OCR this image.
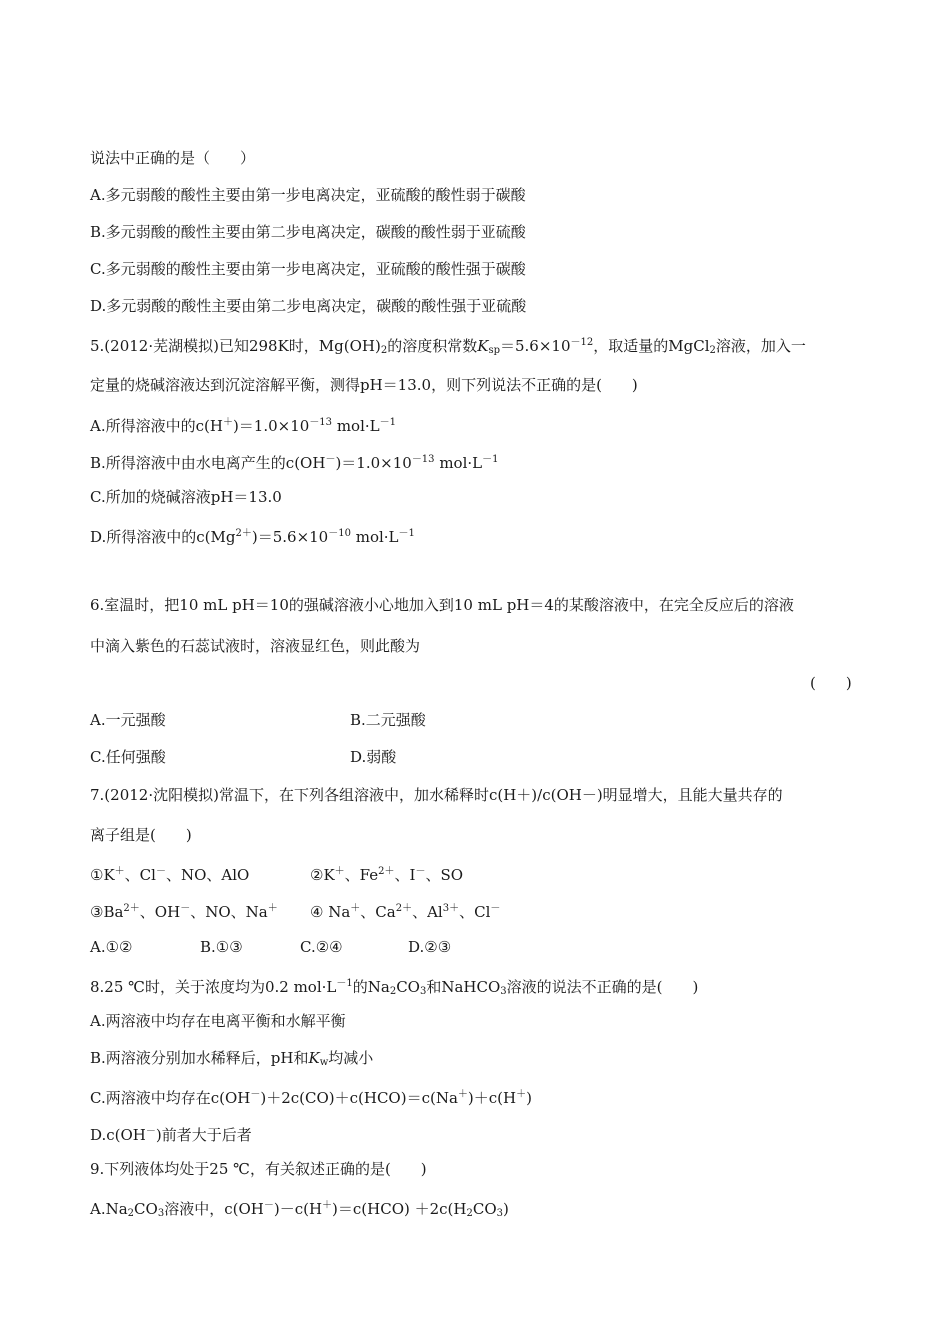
说法中正确的是（　　）
A.多元弱酸的酸性主要由第一步电离决定，亚硫酸的酸性弱于碳酸
B.多元弱酸的酸性主要由第二步电离决定，碳酸的酸性弱于亚硫酸
C.多元弱酸的酸性主要由第一步电离决定，亚硫酸的酸性强于碳酸
D.多元弱酸的酸性主要由第二步电离决定，碳酸的酸性强于亚硫酸
5.(2012·芜湖模拟)已知298K时，$Mg(OH)_2$的溶度积常数$K_{sp}=5.6\times 10^{-12}$，取适量的MgCl$_2$溶液，加入一
定量的烧碱溶液达到沉淀溶解平衡，测得pH＝13.0，则下列说法不正确的是(　　)
A.所得溶液中的$c(H^+)=1.0\times 10^{-13}$ $mol\cdot L^{-1}$
B.所得溶液中由水电离产生的$c(OH^-)=1.0\times 10^{-13}$ $mol\cdot L^{-1}$
C.所加的烧碱溶液pH＝13.0
D.所得溶液中的$c(Mg^{2+})=5.6\times 10^{-10}$ $mol\cdot L^{-1}$
6.室温时，把10 mL pH＝10的强碱溶液小心地加入到10 mL pH＝4的某酸溶液中，在完全反应后的溶液
中滴入紫色的石蕊试液时，溶液显红色，则此酸为
(　　)
A.一元强酸	B.二元强酸
C.任何强酸	D.弱酸
7.(2012·沈阳模拟)常温下，在下列各组溶液中，加水稀释时c(H＋)/c(OH－)明显增大，且能大量共存的
离子组是(　　)
①K＋、Cl－、NO、AlO	②K＋、$Fe^{2+}$、I－、SO
$③Ba^{2+}$、OH－、NO、Na＋ ④ Na＋、$Ca^{2+}$、$Al^{3+}$、Cl－
A.①②	B.①③	C.②④	D.②③
8.25 ℃时，关于浓度均为0.2 $mol\cdot L^{-1}$的$Na_2CO_3$和NaHCO$_3$溶液的说法不正确的是(　　)
A.两溶液中均存在电离平衡和水解平衡
B.两溶液分别加水稀释后，pH和$K_w$均减小
C.两溶液中均存在c(OH－)＋2c(CO)＋c(HCO)＝c(Na＋)＋c(H＋)
D.c(OH－)前者大于后者
9.下列液体均处于25 ℃，有关叙述正确的是(　　)
$A.Na_2CO_3$溶液中，$c(OH^-)-c(H^+)=c(HCO) +2c(H_2CO_3)$
